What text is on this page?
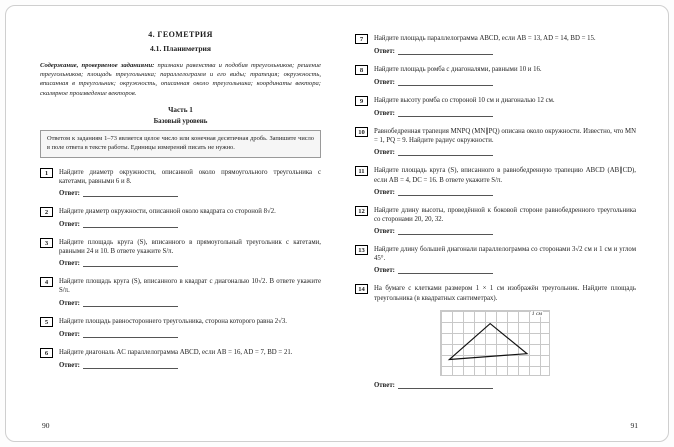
4. ГЕОМЕТРИЯ
4.1. Планиметрия

Содержание, проверяемое заданиями: признаки равенства и подобия треугольников; решение треугольников; площадь треугольника; параллелограмм и его виды; трапеция; окружность, вписанная в треугольник; окружность, описанная около треугольника; координаты вектора; скалярное произведение векторов.

Часть 1
Базовый уровень
Ответом к заданиям 1–73 является целое число или конечная десятичная дробь. Запишите число в поле ответа в тексте работы. Единицы измерений писать не нужно.
1	Найдите диаметр окружности, описанной около прямоугольного треугольника с катетами, равными 6 и 8.
Ответ:
2	Найдите диаметр окружности, описанной около квадрата со стороной 8√2.
Ответ:
3	Найдите площадь круга (S), вписанного в прямоугольный треугольник с катетами, равными 24 и 10. В ответе укажите S/π.
Ответ:
4	Найдите площадь круга (S), вписанного в квадрат с диагональю 10√2. В ответе укажите S/π.
Ответ:
5	Найдите площадь равностороннего треугольника, сторона которого равна 2√3.
Ответ:
6	Найдите диагональ AC параллелограмма ABCD, если AB = 16, AD = 7, BD = 21.
Ответ:
90
7	Найдите площадь параллелограмма ABCD, если AB = 13, AD = 14, BD = 15.
Ответ:
8	Найдите площадь ромба с диагоналями, равными 10 и 16.
Ответ:
9	Найдите высоту ромба со стороной 10 см и диагональю 12 см.
Ответ:
10	Равнобедренная трапеция MNPQ (MN∥PQ) описана около окружности. Известно, что MN = 1, PQ = 9. Найдите радиус окружности.
Ответ:
11	Найдите площадь круга (S), вписанного в равнобедренную трапецию ABCD (AB∥CD), если AB = 4, DC = 16. В ответе укажите S/π.
Ответ:
12	Найдите длину высоты, проведённой к боковой стороне равнобедренного треугольника со сторонами 20, 20, 32.
Ответ:
13	Найдите длину большей диагонали параллелограмма со сторонами 3√2 см и 1 см и углом 45°.
Ответ:
14	На бумаге с клетками размером 1 × 1 см изображён треугольник. Найдите площадь треугольника (в квадратных сантиметрах).
1 см
Ответ:
91
